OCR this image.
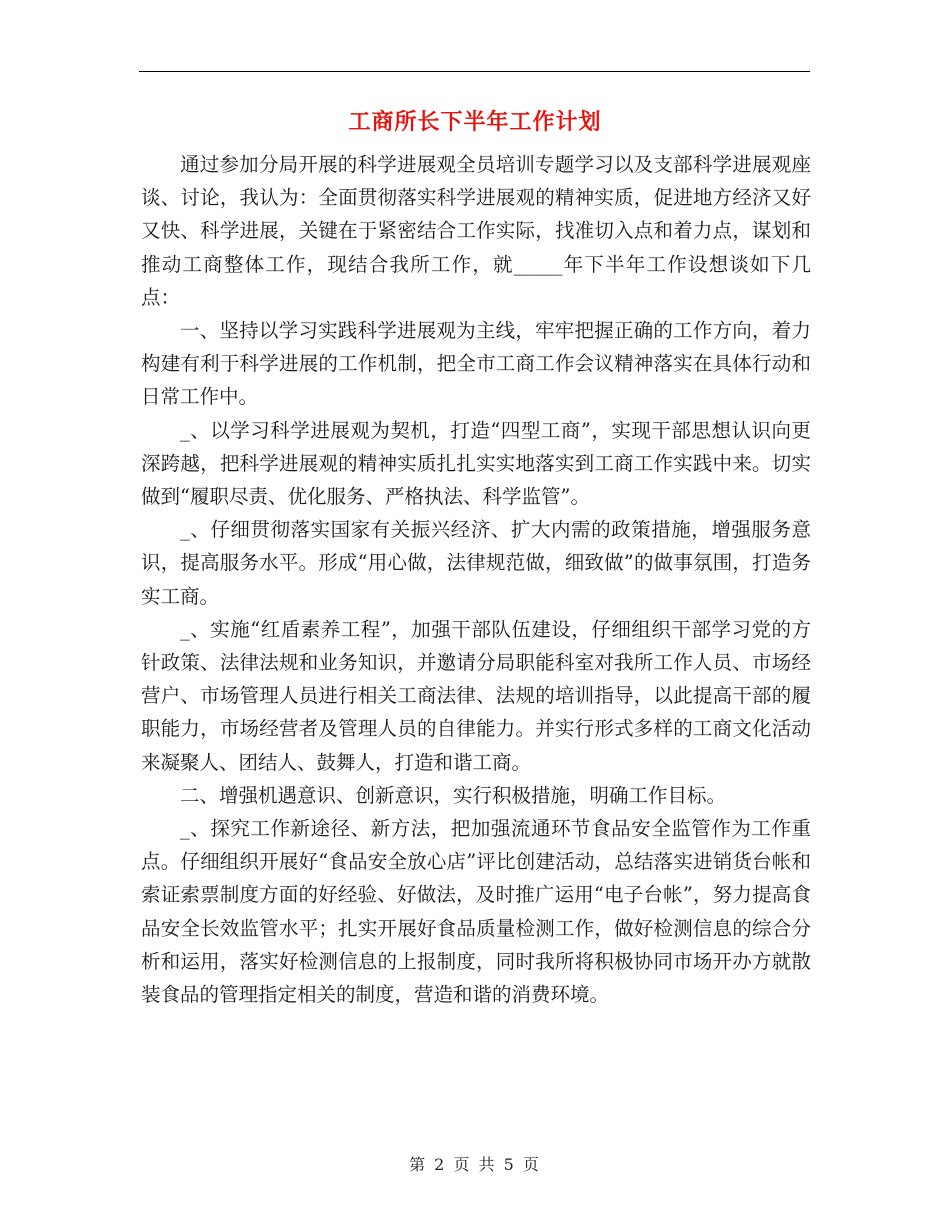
工商所长下半年工作计划

通过参加分局开展的科学进展观全员培训专题学习以及支部科学进展观座谈、讨论，我认为：全面贯彻落实科学进展观的精神实质，促进地方经济又好又快、科学进展，关键在于紧密结合工作实际，找准切入点和着力点，谋划和推动工商整体工作，现结合我所工作，就_____年下半年工作设想谈如下几点：

一、坚持以学习实践科学进展观为主线，牢牢把握正确的工作方向，着力构建有利于科学进展的工作机制，把全市工商工作会议精神落实在具体行动和日常工作中。

_、以学习科学进展观为契机，打造“四型工商”，实现干部思想认识向更深跨越，把科学进展观的精神实质扎扎实实地落实到工商工作实践中来。切实做到“履职尽责、优化服务、严格执法、科学监管”。

_、仔细贯彻落实国家有关振兴经济、扩大内需的政策措施，增强服务意识，提高服务水平。形成“用心做，法律规范做，细致做”的做事氛围，打造务实工商。

_、实施“红盾素养工程”，加强干部队伍建设，仔细组织干部学习党的方针政策、法律法规和业务知识，并邀请分局职能科室对我所工作人员、市场经营户、市场管理人员进行相关工商法律、法规的培训指导，以此提高干部的履职能力，市场经营者及管理人员的自律能力。并实行形式多样的工商文化活动来凝聚人、团结人、鼓舞人，打造和谐工商。

二、增强机遇意识、创新意识，实行积极措施，明确工作目标。

_、探究工作新途径、新方法，把加强流通环节食品安全监管作为工作重点。仔细组织开展好“食品安全放心店”评比创建活动，总结落实进销货台帐和索证索票制度方面的好经验、好做法，及时推广运用“电子台帐”，努力提高食品安全长效监管水平；扎实开展好食品质量检测工作，做好检测信息的综合分析和运用，落实好检测信息的上报制度，同时我所将积极协同市场开办方就散装食品的管理指定相关的制度，营造和谐的消费环境。

第 2 页 共 5 页
